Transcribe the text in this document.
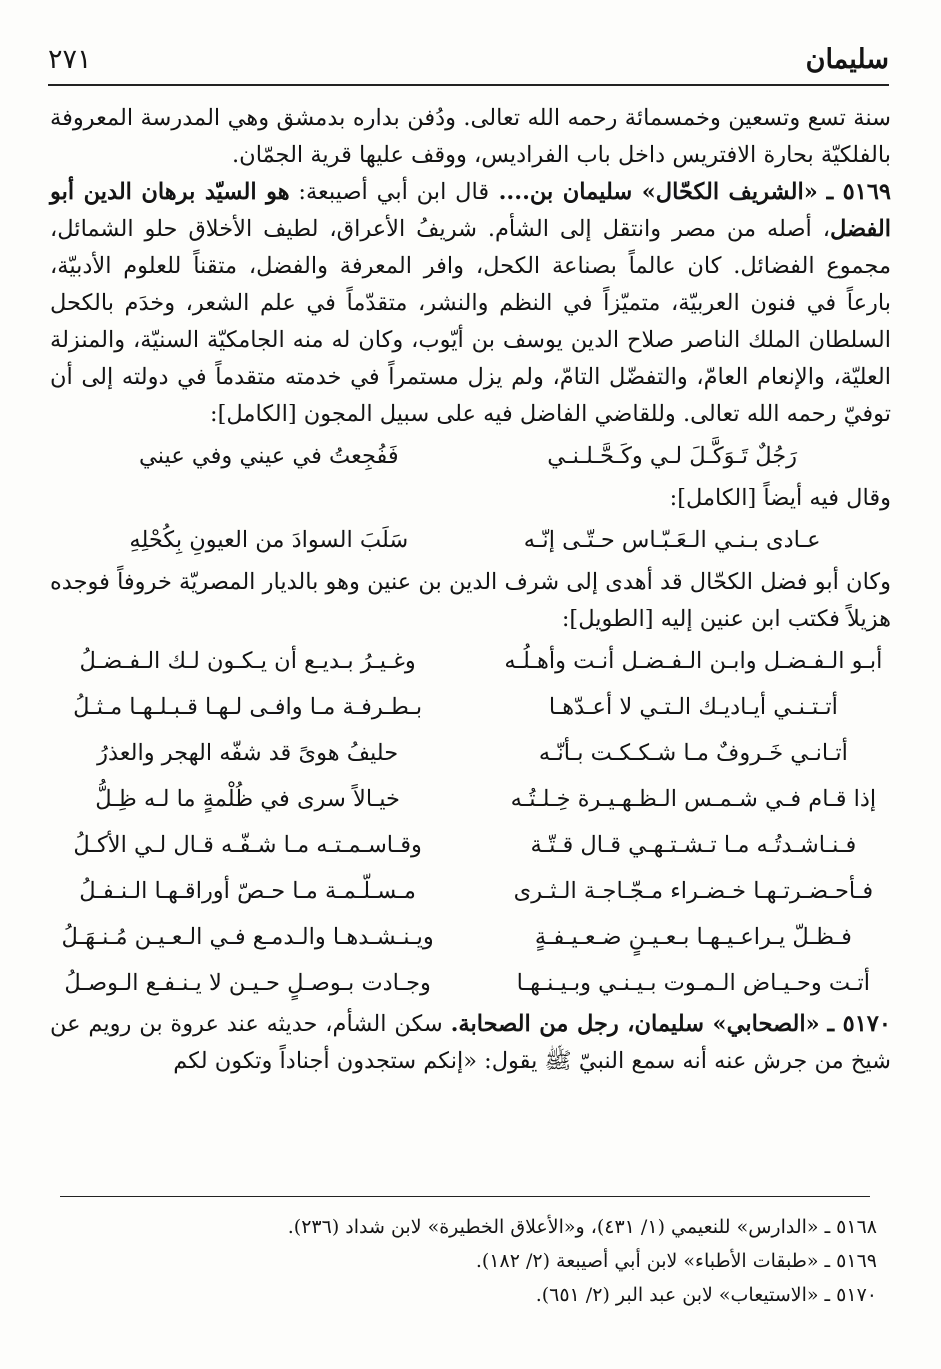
سليمان
٢٧١

سنة تسع وتسعين وخمسمائة رحمه الله تعالى. ودُفن بداره بدمشق وهي المدرسة المعروفة بالفلكيّة بحارة الافتريس داخل باب الفراديس، ووقف عليها قرية الجمّان.

٥١٦٩ ـ «الشريف الكحّال» سليمان بن.... قال ابن أبي أصيبعة: هو السيّد برهان الدين أبو الفضل، أصله من مصر وانتقل إلى الشأم. شريفُ الأعراق، لطيف الأخلاق حلو الشمائل، مجموع الفضائل. كان عالماً بصناعة الكحل، وافر المعرفة والفضل، متقناً للعلوم الأدبيّة، بارعاً في فنون العربيّة، متميّزاً في النظم والنشر، متقدّماً في علم الشعر، وخدَم بالكحل السلطان الملك الناصر صلاح الدين يوسف بن أيّوب، وكان له منه الجامكيّة السنيّة، والمنزلة العليّة، والإنعام العامّ، والتفضّل التامّ، ولم يزل مستمراً في خدمته متقدماً في دولته إلى أن توفيّ رحمه الله تعالى. وللقاضي الفاضل فيه على سبيل المجون [الكامل]:

رَجُلٌ تَـوَكَّـلَ لـي وكَـحَّـلـنـي
فَفُجِعتُ في عيني وفي عيني

وقال فيه أيضاً [الكامل]:

عـادى بـنـي الـعَـبّـاس حـتّـى إنّـه
سَلَبَ السوادَ من العيونِ بِكُحْلِهِ

وكان أبو فضل الكحّال قد أهدى إلى شرف الدين بن عنين وهو بالديار المصريّة خروفاً فوجده هزيلاً فكتب ابن عنين إليه [الطويل]:

أبـو الـفـضـل وابـن الـفـضـل أنـت وأهـلُـه
وغـيـرُ بـديـع أن يـكـون لـك الـفـضـلُ
أتـتـنـي أيـاديـك الـتـي لا أعـدّهـا
بـطـرفـة مـا وافـى لـهـا قـبـلـهـا مـثـلُ
أتـانـي خَـروفٌ مـا شـكـكـت بـأنّـه
حليفُ هوىً قد شفّه الهجر والعذرُ
إذا قـام فـي شـمـس الـظـهـيـرة خِـلـتُـه
خيـالاً سرى في ظُلْمةٍ ما لـه ظِـلُّ
فـنـاشـدتُـه مـا تـشـتـهـي قـال قـتّـة
وقـاسـمـتـه مـا شـفّـه قـال لـي الأكـلُ
فـأحـضـرتـهـا خـضـراء مـجّـاجـة الـثـرى
مـسـلّـمـة مـا حـصّ أوراقـهـا الـنـفـلُ
فـظـلّ يـراعـيـهـا بـعـيـنٍ ضـعـيـفـةٍ
ويـنـشـدهـا والـدمـع فـي الـعـيـن مُـنـهَـلُ
أتـت وحـيـاض الـمـوت بـيـنـي وبـيـنـهـا
وجـادت بـوصـلٍ حـيـن لا يـنـفـع الـوصـلُ

٥١٧٠ ـ «الصحابي» سليمان، رجل من الصحابة. سكن الشأم، حديثه عند عروة بن رويم عن شيخ من جرش عنه أنه سمع النبيّ ﷺ يقول: «إنكم ستجدون أجناداً وتكون لكم

٥١٦٨ ـ «الدارس» للنعيمي (١/ ٤٣١)، و«الأعلاق الخطيرة» لابن شداد (٢٣٦).
٥١٦٩ ـ «طبقات الأطباء» لابن أبي أصيبعة (٢/ ١٨٢).
٥١٧٠ ـ «الاستيعاب» لابن عبد البر (٢/ ٦٥١).
